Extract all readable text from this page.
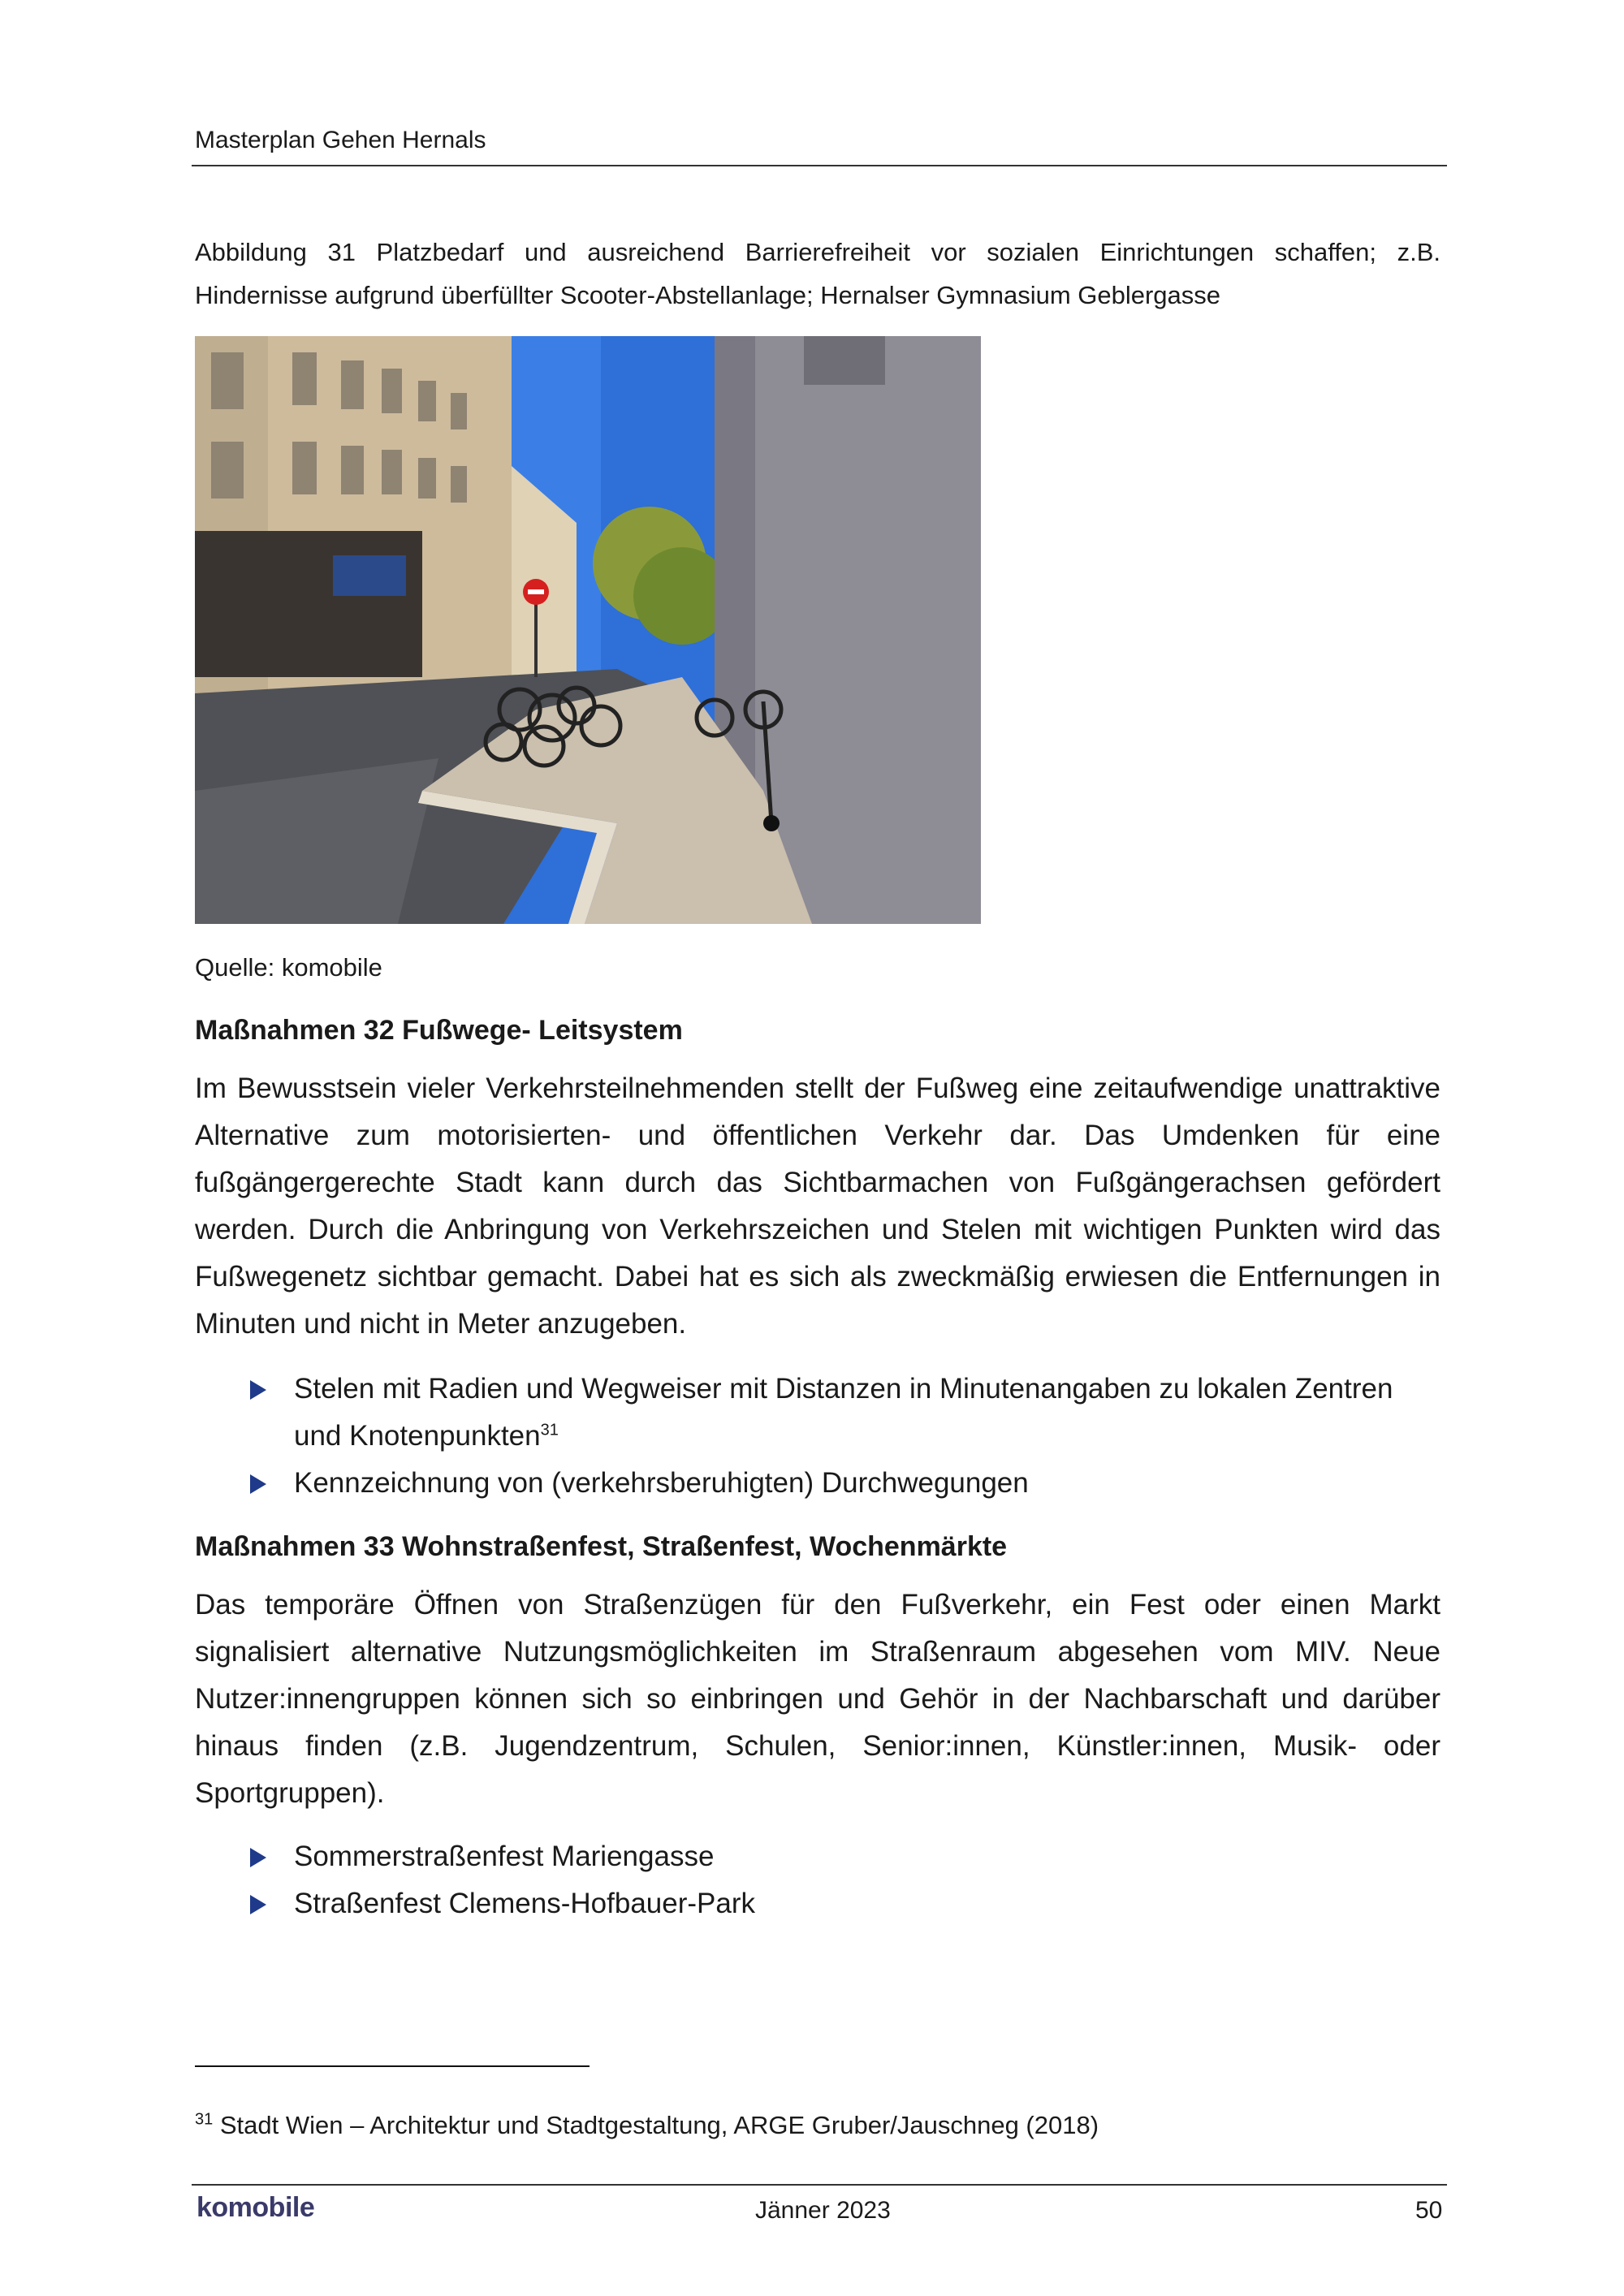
Masterplan Gehen Hernals
Abbildung 31 Platzbedarf und ausreichend Barrierefreiheit vor sozialen Einrichtungen schaffen; z.B. Hindernisse aufgrund überfüllter Scooter-Abstellanlage; Hernalser Gymnasium Geblergasse
Quelle: komobile
Maßnahmen 32 Fußwege- Leitsystem
Im Bewusstsein vieler Verkehrsteilnehmenden stellt der Fußweg eine zeitaufwendige unattraktive Alternative zum motorisierten- und öffentlichen Verkehr dar. Das Umdenken für eine fußgängergerechte Stadt kann durch das Sichtbarmachen von Fußgängerachsen gefördert werden. Durch die Anbringung von Verkehrszeichen und Stelen mit wichtigen Punkten wird das Fußwegenetz sichtbar gemacht. Dabei hat es sich als zweckmäßig erwiesen die Entfernungen in Minuten und nicht in Meter anzugeben.
Stelen mit Radien und Wegweiser mit Distanzen in Minutenangaben zu lokalen Zentren und Knotenpunkten$^{31}$
Kennzeichnung von (verkehrsberuhigten) Durchwegungen
Maßnahmen 33 Wohnstraßenfest, Straßenfest, Wochenmärkte
Das temporäre Öffnen von Straßenzügen für den Fußverkehr, ein Fest oder einen Markt signalisiert alternative Nutzungsmöglichkeiten im Straßenraum abgesehen vom MIV. Neue Nutzer:innengruppen können sich so einbringen und Gehör in der Nachbarschaft und darüber hinaus finden (z.B. Jugendzentrum, Schulen, Senior:innen, Künstler:innen, Musik- oder Sportgruppen).
Sommerstraßenfest Mariengasse
Straßenfest Clemens-Hofbauer-Park
$^{31}$ Stadt Wien – Architektur und Stadtgestaltung, ARGE Gruber/Jauschneg (2018)
komobile	Jänner 2023	50
